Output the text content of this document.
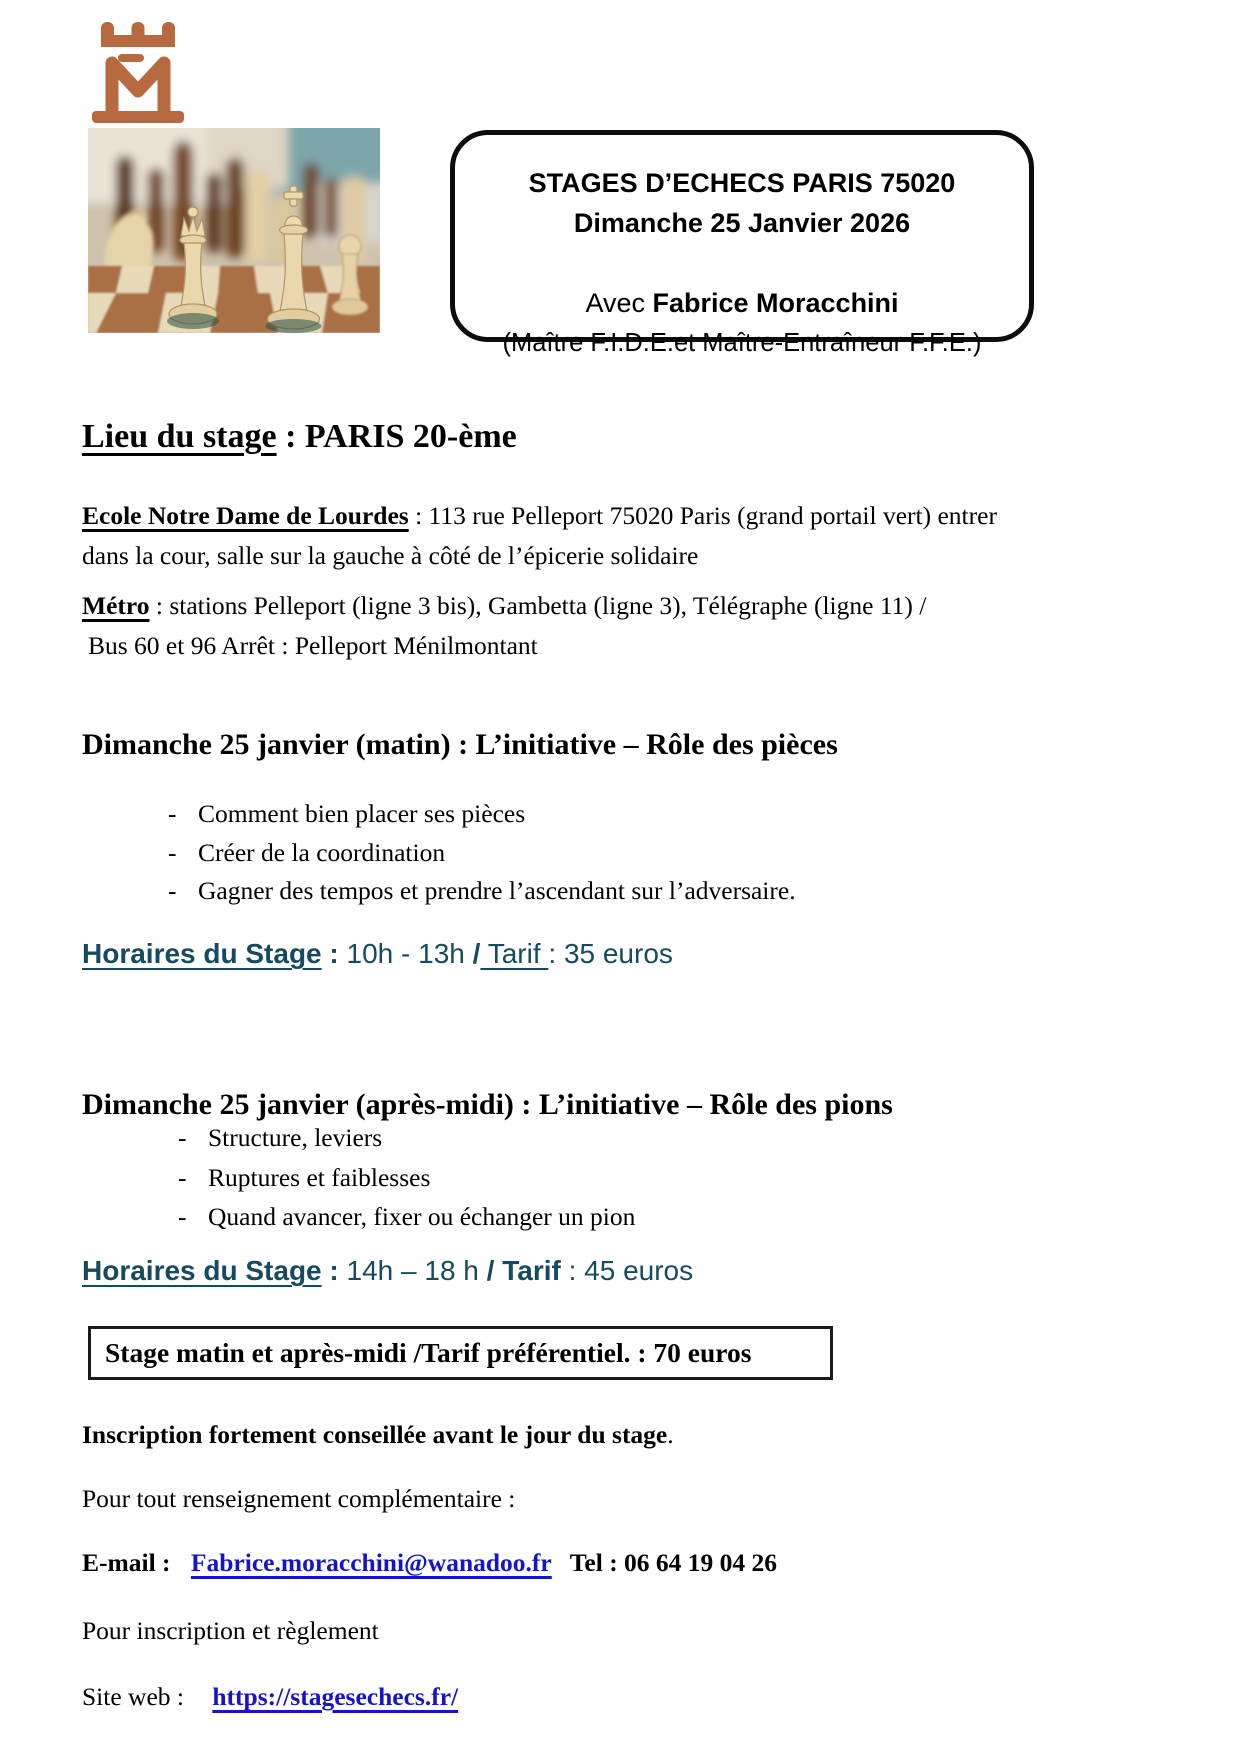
STAGES D’ECHECS PARIS 75020
Dimanche 25 Janvier 2026
Avec Fabrice Moracchini
(Maître F.I.D.E.et Maître-Entraîneur F.F.E.)
Lieu du stage : PARIS 20-ème
Ecole Notre Dame de Lourdes : 113 rue Pelleport 75020 Paris (grand portail vert) entrer dans la cour, salle sur la gauche à côté de l’épicerie solidaire
Métro : stations Pelleport (ligne 3 bis), Gambetta (ligne 3), Télégraphe (ligne 11) /
Bus 60 et 96 Arrêt : Pelleport Ménilmontant
Dimanche 25 janvier (matin) : L’initiative – Rôle des pièces
- Comment bien placer ses pièces
- Créer de la coordination
- Gagner des tempos et prendre l’ascendant sur l’adversaire.
Horaires du Stage : 10h - 13h / Tarif : 35 euros
Dimanche 25 janvier (après-midi) : L’initiative – Rôle des pions
- Structure, leviers
- Ruptures et faiblesses
- Quand avancer, fixer ou échanger un pion
Horaires du Stage : 14h – 18 h / Tarif : 45 euros
Stage matin et après-midi /Tarif préférentiel. : 70 euros
Inscription fortement conseillée avant le jour du stage.
Pour tout renseignement complémentaire :
E-mail : Fabrice.moracchini@wanadoo.fr Tel : 06 64 19 04 26
Pour inscription et règlement
Site web : https://stagesechecs.fr/
